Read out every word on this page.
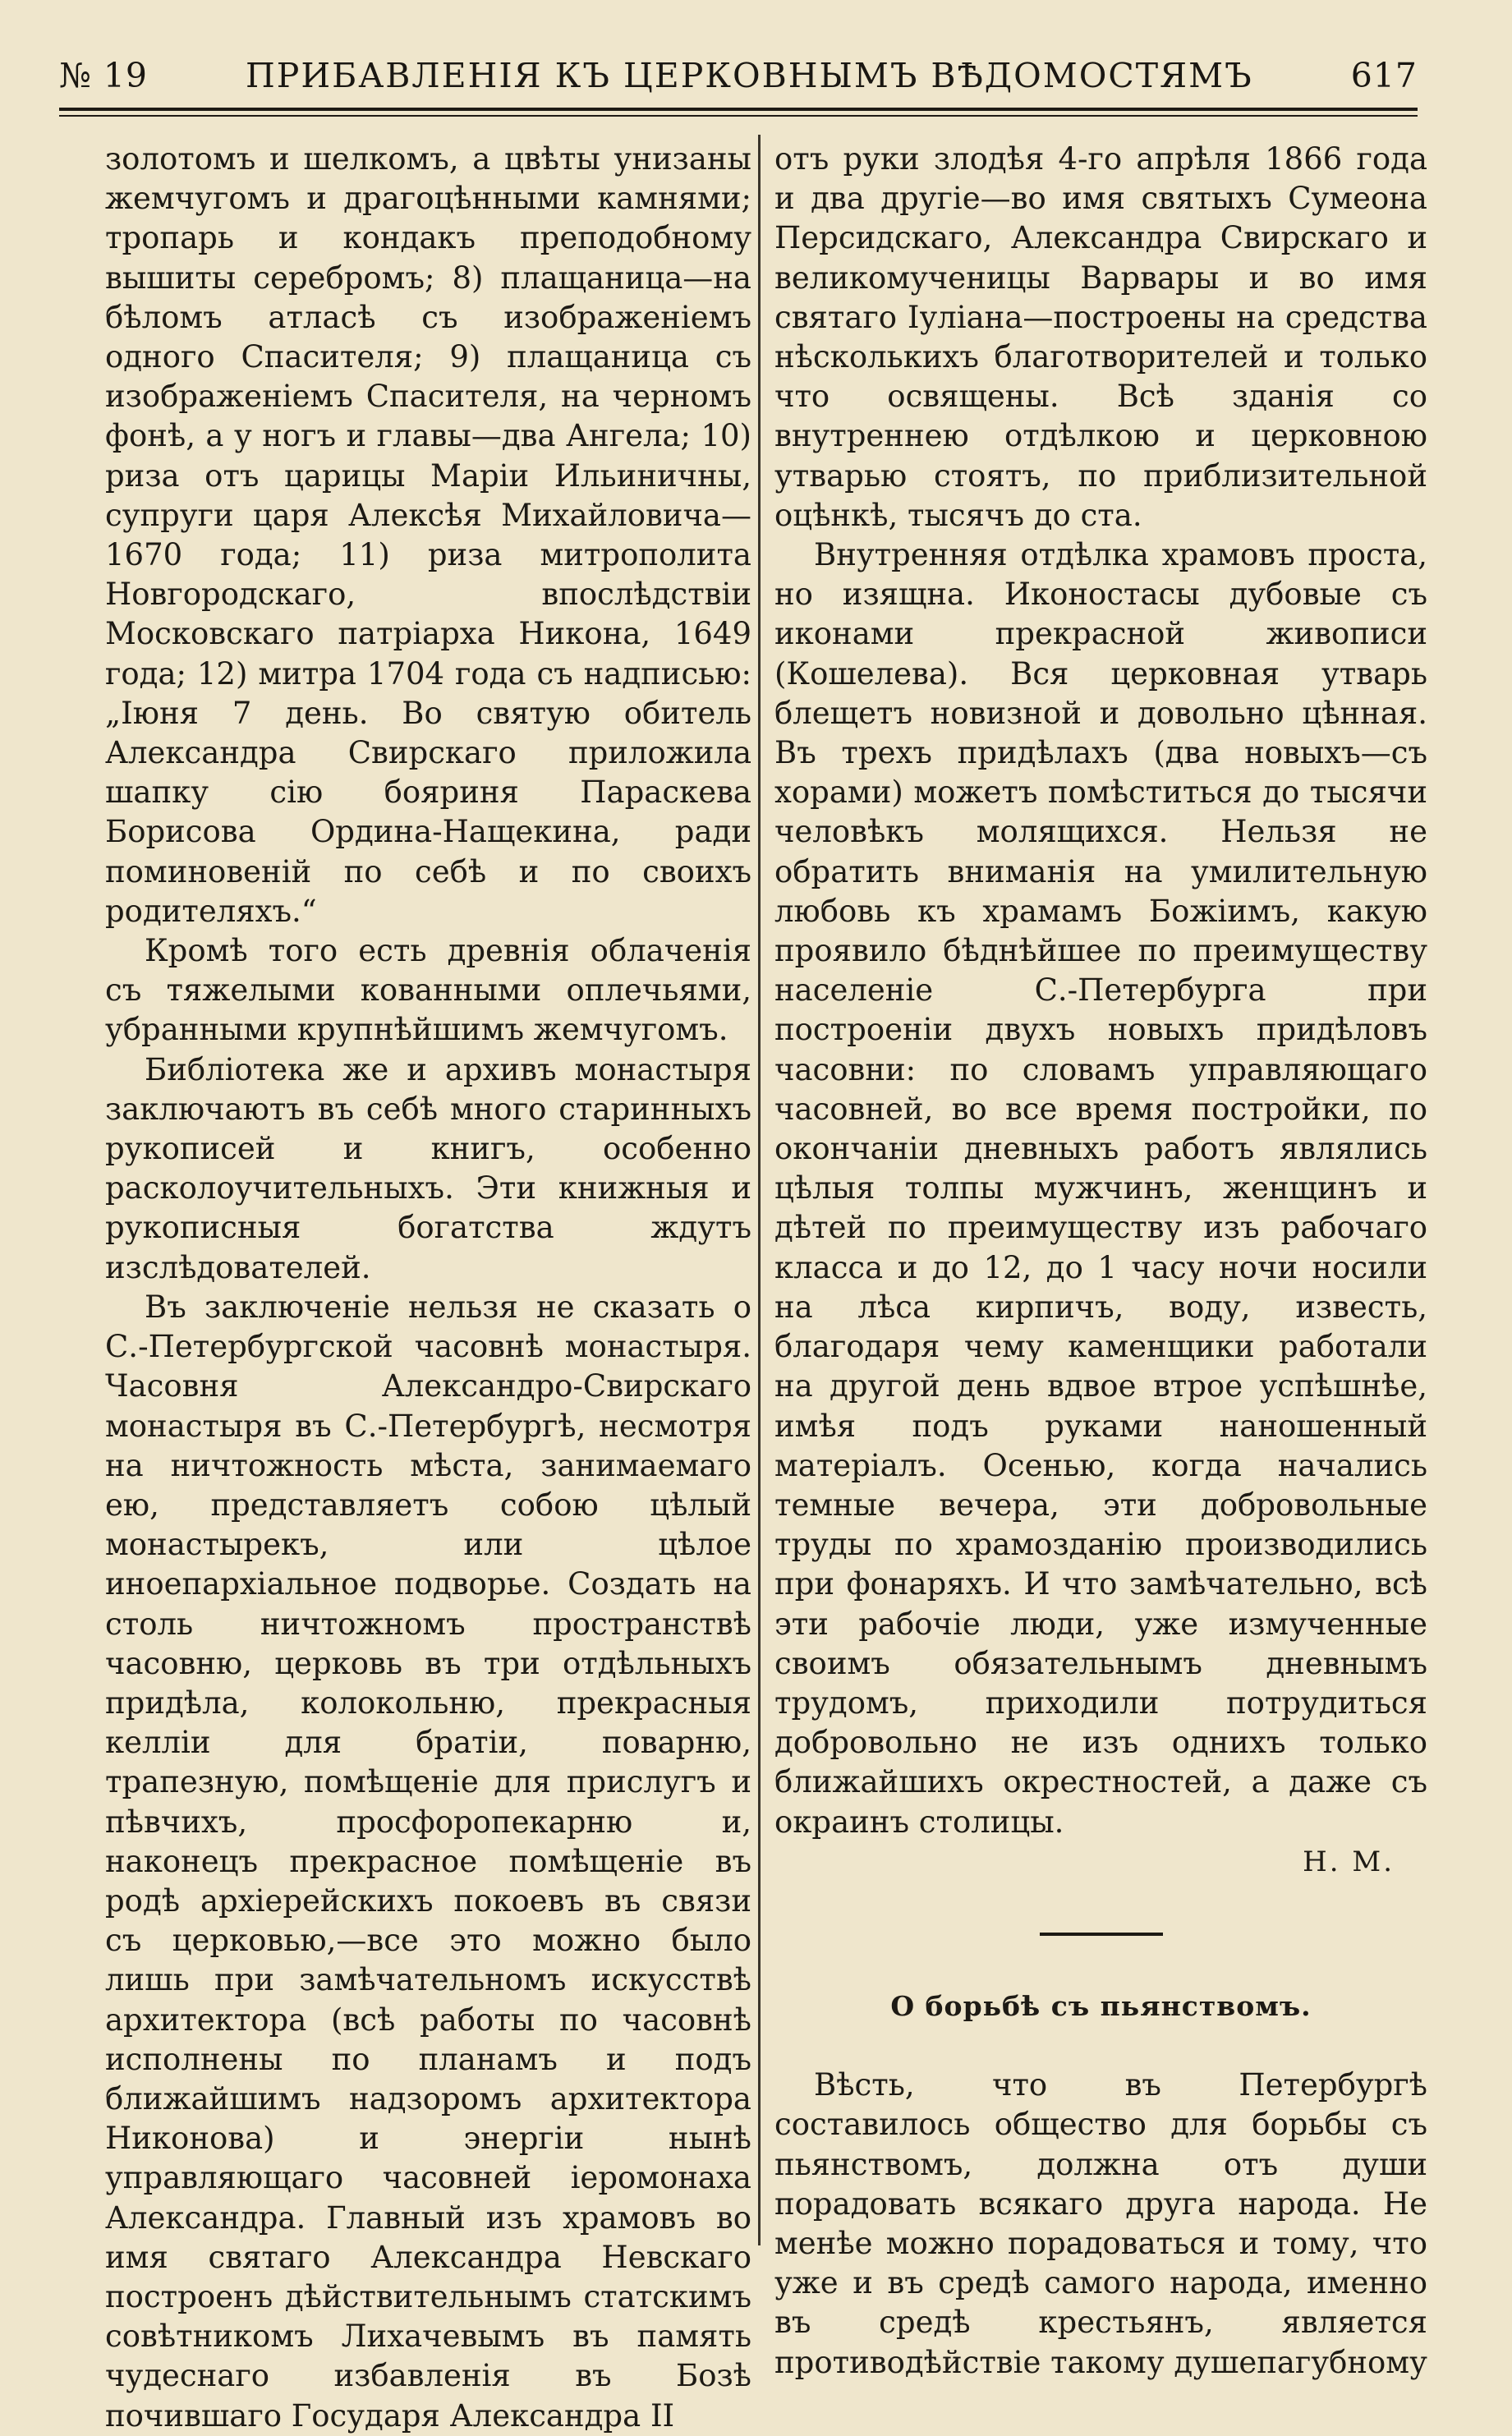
№ 19	ПРИБАВЛЕНІЯ КЪ ЦЕРКОВНЫМЪ ВѢДОМОСТЯМЪ	617

золотомъ и шелкомъ, а цвѣты унизаны жемчугомъ и драгоцѣнными камнями; тропарь и кондакъ преподобному вышиты серебромъ; 8) плащаница—на бѣломъ атласѣ съ изображеніемъ одного Спасителя; 9) плащаница съ изображеніемъ Спасителя, на черномъ фонѣ, а у ногъ и главы—два Ангела; 10) риза отъ царицы Маріи Ильиничны, супруги царя Алексѣя Михайловича—1670 года; 11) риза митрополита Новгородскаго, впослѣдствіи Московскаго патріарха Никона, 1649 года; 12) митра 1704 года съ надписью: „Іюня 7 день. Во святую обитель Александра Свирскаго приложила шапку сію бояриня Параскева Борисова Ордина-Нащекина, ради поминовеній по себѣ и по своихъ родителяхъ.“

Кромѣ того есть древнія облаченія съ тяжелыми кованными оплечьями, убранными крупнѣйшимъ жемчугомъ.

Библіотека же и архивъ монастыря заключаютъ въ себѣ много старинныхъ рукописей и книгъ, особенно расколоучительныхъ. Эти книжныя и рукописныя богатства ждутъ изслѣдователей.

Въ заключеніе нельзя не сказать о С.-Петербургской часовнѣ монастыря. Часовня Александро-Свирскаго монастыря въ С.-Петербургѣ, несмотря на ничтожность мѣста, занимаемаго ею, представляетъ собою цѣлый монастырекъ, или цѣлое иноепархіальное подворье. Создать на столь ничтожномъ пространствѣ часовню, церковь въ три отдѣльныхъ придѣла, колокольню, прекрасныя келліи для братіи, поварню, трапезную, помѣщеніе для прислугъ и пѣвчихъ, просфоропекарню и, наконецъ прекрасное помѣщеніе въ родѣ архіерейскихъ покоевъ въ связи съ церковью,—все это можно было лишь при замѣчательномъ искусствѣ архитектора (всѣ работы по часовнѣ исполнены по планамъ и подъ ближайшимъ надзоромъ архитектора Никонова) и энергіи нынѣ управляющаго часовней іеромонаха Александра. Главный изъ храмовъ во имя святаго Александра Невскаго построенъ дѣйствительнымъ статскимъ совѣтникомъ Лихачевымъ въ память чудеснаго избавленія въ Бозѣ почившаго Государя Александра II

отъ руки злодѣя 4-го апрѣля 1866 года и два другіе—во имя святыхъ Сумеона Персидскаго, Александра Свирскаго и великомученицы Варвары и во имя святаго Іуліана—построены на средства нѣсколькихъ благотворителей и только что освящены. Всѣ зданія со внутреннею отдѣлкою и церковною утварью стоятъ, по приблизительной оцѣнкѣ, тысячъ до ста.

Внутренняя отдѣлка храмовъ проста, но изящна. Иконостасы дубовые съ иконами прекрасной живописи (Кошелева). Вся церковная утварь блещетъ новизной и довольно цѣнная. Въ трехъ придѣлахъ (два новыхъ—съ хорами) можетъ помѣститься до тысячи человѣкъ молящихся. Нельзя не обратить вниманія на умилительную любовь къ храмамъ Божіимъ, какую проявило бѣднѣйшее по преимуществу населеніе С.-Петербурга при построеніи двухъ новыхъ придѣловъ часовни: по словамъ управляющаго часовней, во все время постройки, по окончаніи дневныхъ работъ являлись цѣлыя толпы мужчинъ, женщинъ и дѣтей по преимуществу изъ рабочаго класса и до 12, до 1 часу ночи носили на лѣса кирпичъ, воду, известь, благодаря чему каменщики работали на другой день вдвое втрое успѣшнѣе, имѣя подъ руками наношенный матеріалъ. Осенью, когда начались темные вечера, эти добровольные труды по храмозданію производились при фонаряхъ. И что замѣчательно, всѣ эти рабочіе люди, уже измученные своимъ обязательнымъ дневнымъ трудомъ, приходили потрудиться добровольно не изъ однихъ только ближайшихъ окрестностей, а даже съ окраинъ столицы.

Н. М.

О борьбѣ съ пьянствомъ.

Вѣсть, что въ Петербургѣ составилось общество для борьбы съ пьянствомъ, должна отъ души порадовать всякаго друга народа. Не менѣе можно порадоваться и тому, что уже и въ средѣ самого народа, именно въ средѣ крестьянъ, является противодѣйствіе такому душепагубному
